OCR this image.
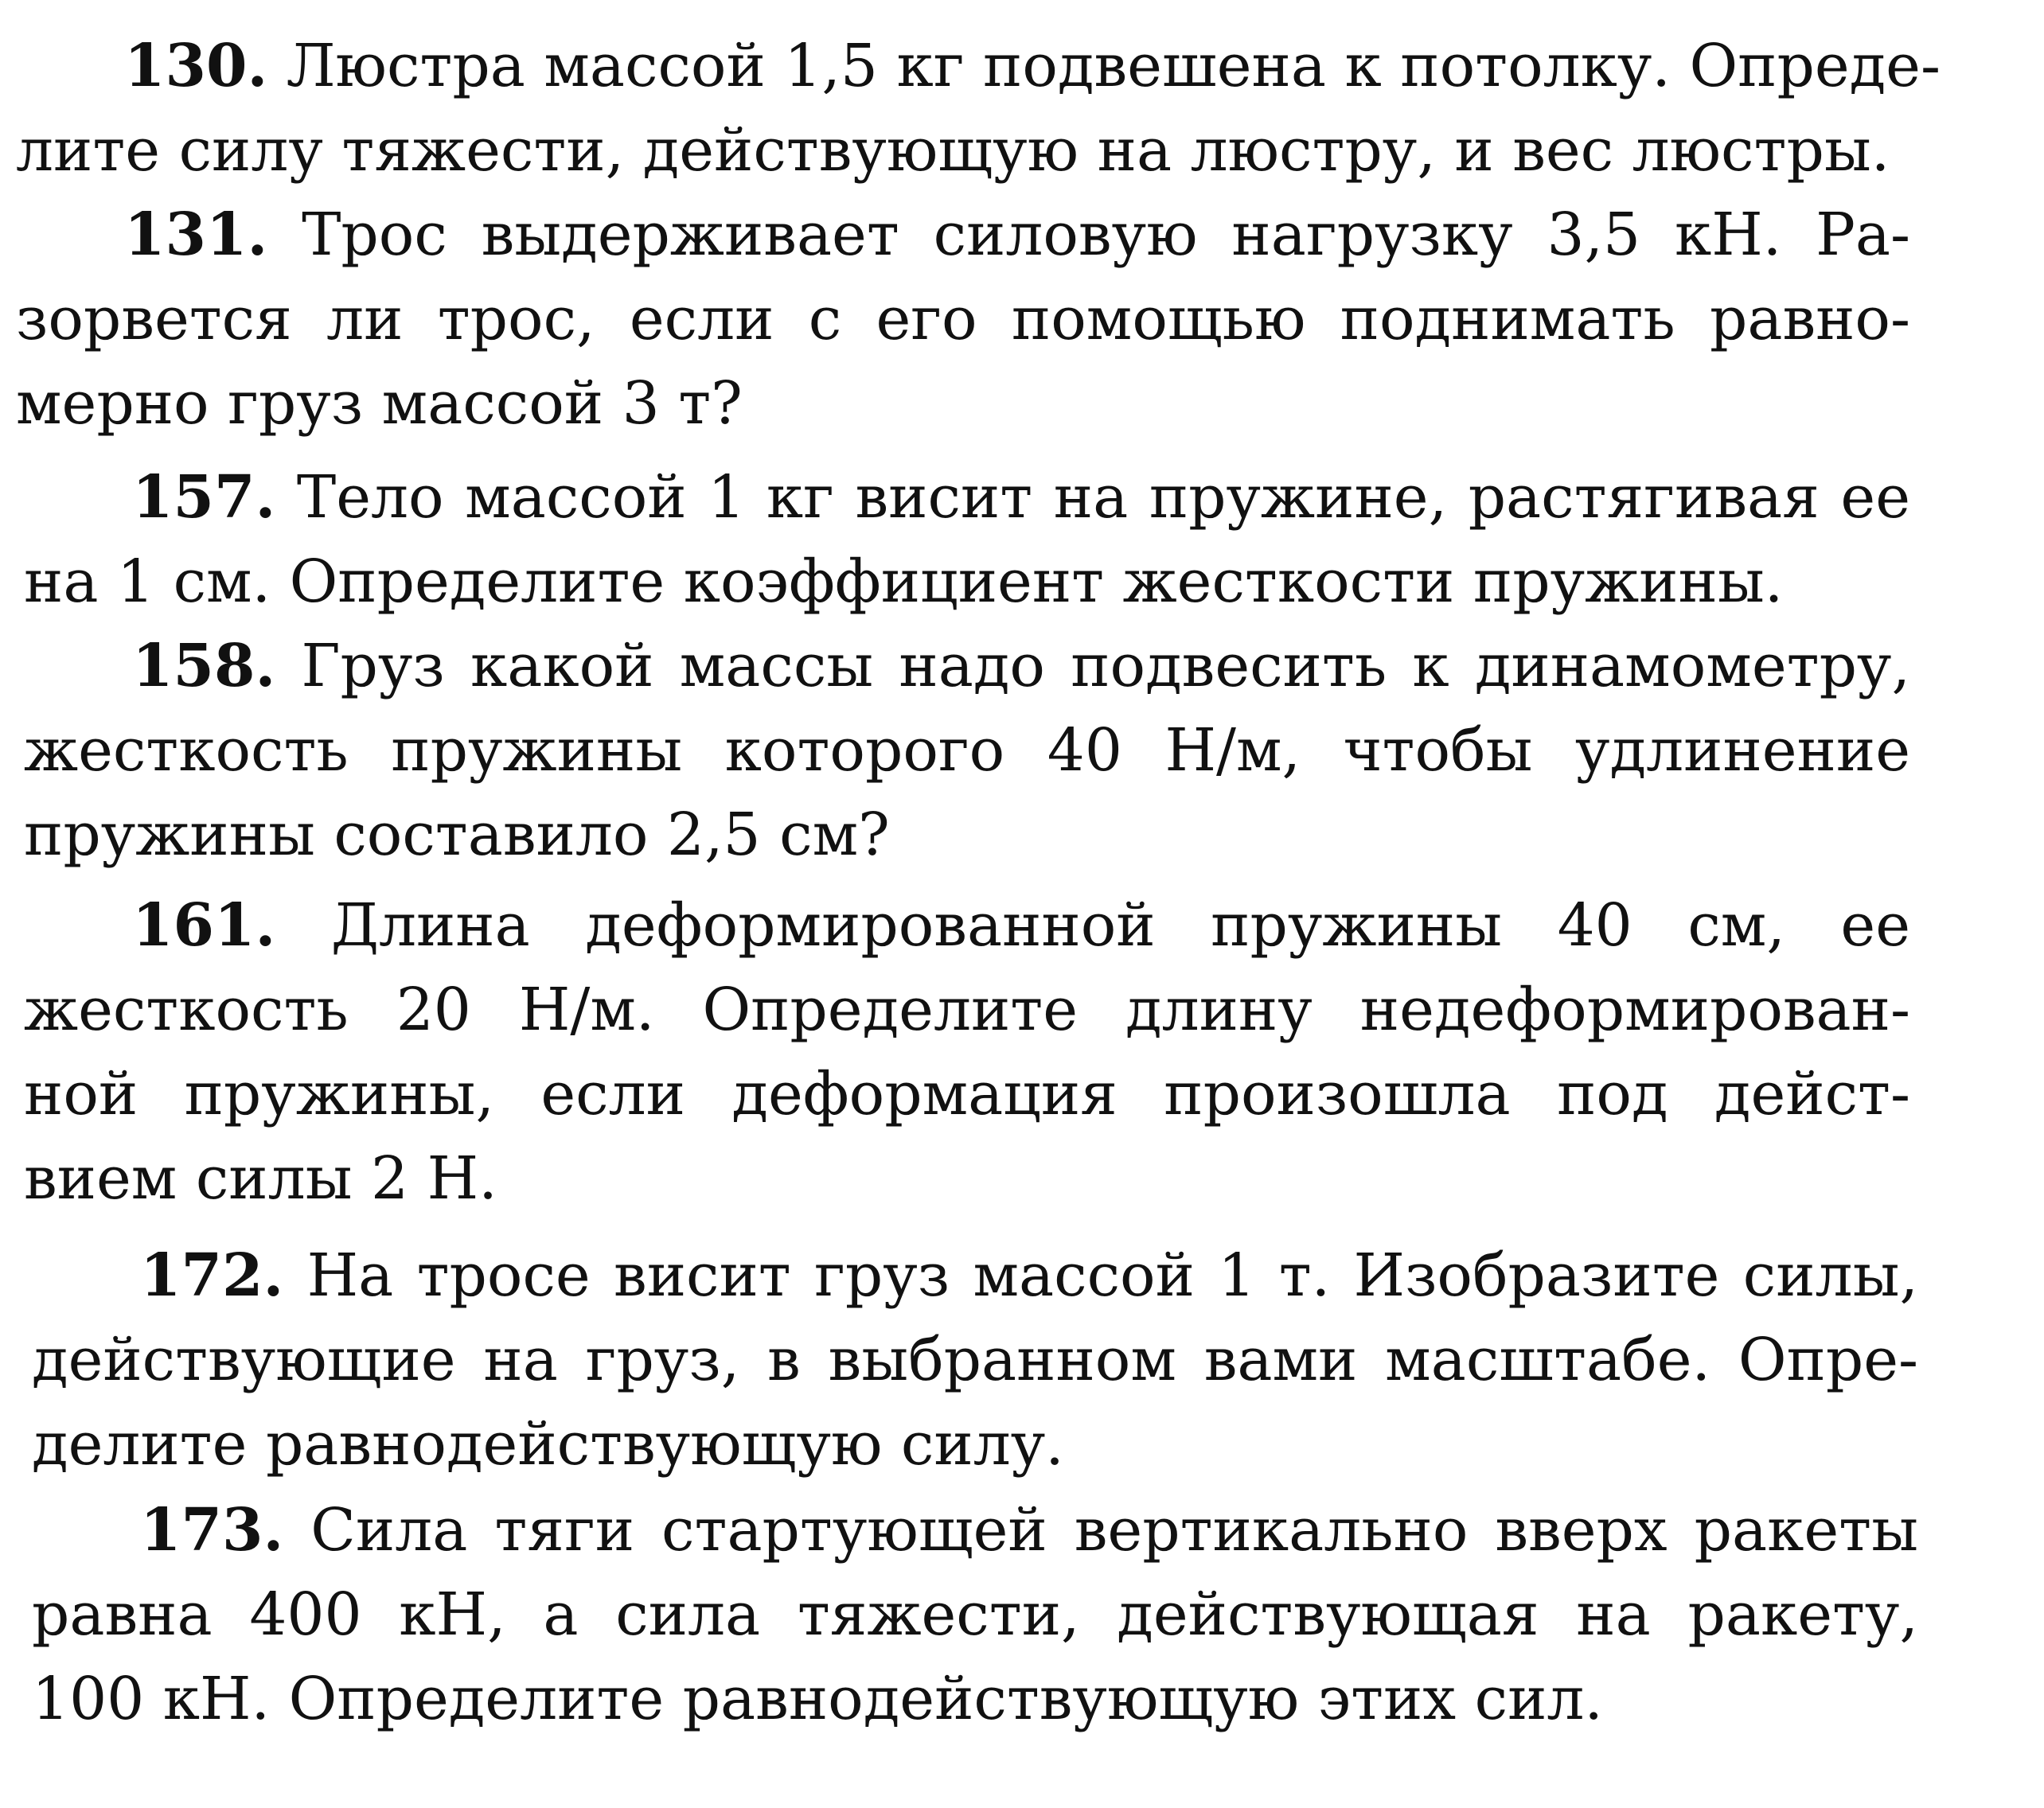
130. Люстра массой 1,5 кг подвешена к потолку. Опреде-
лите силу тяжести, действующую на люстру, и вес люстры.
131. Трос выдерживает силовую нагрузку 3,5 кН. Ра-
зорвется ли трос, если с его помощью поднимать равно-
мерно груз массой 3 т?
157. Тело массой 1 кг висит на пружине, растягивая ее
на 1 см. Определите коэффициент жесткости пружины.
158. Груз какой массы надо подвесить к динамометру,
жесткость пружины которого 40 Н/м, чтобы удлинение
пружины составило 2,5 см?
161. Длина деформированной пружины 40 см, ее
жесткость 20 Н/м. Определите длину недеформирован-
ной пружины, если деформация произошла под дейст-
вием силы 2 Н.
172. На тросе висит груз массой 1 т. Изобразите силы,
действующие на груз, в выбранном вами масштабе. Опре-
делите равнодействующую силу.
173. Сила тяги стартующей вертикально вверх ракеты
равна 400 кН, а сила тяжести, действующая на ракету,
100 кН. Определите равнодействующую этих сил.
